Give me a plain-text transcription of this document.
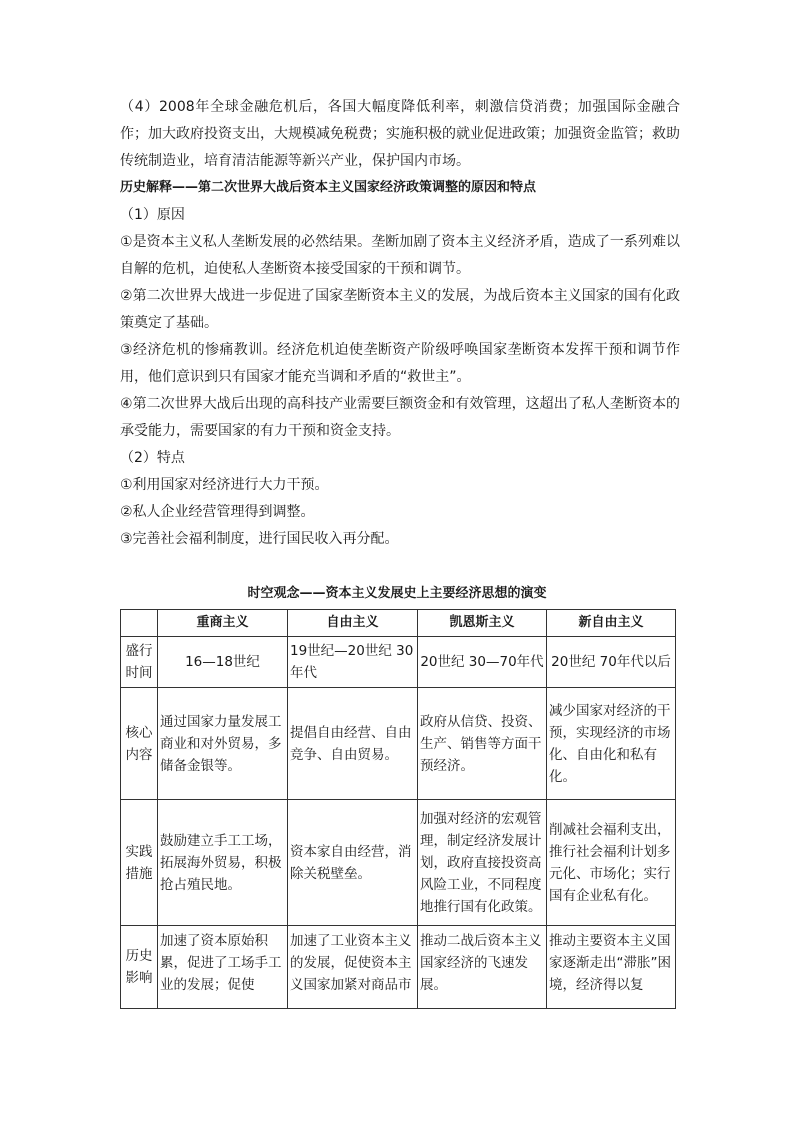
（4）2008年全球金融危机后，各国大幅度降低利率，刺激信贷消费；加强国际金融合作；加大政府投资支出，大规模减免税费；实施积极的就业促进政策；加强资金监管；救助传统制造业，培育清洁能源等新兴产业，保护国内市场。

历史解释——第二次世界大战后资本主义国家经济政策调整的原因和特点

（1）原因

①是资本主义私人垄断发展的必然结果。垄断加剧了资本主义经济矛盾，造成了一系列难以自解的危机，迫使私人垄断资本接受国家的干预和调节。

②第二次世界大战进一步促进了国家垄断资本主义的发展，为战后资本主义国家的国有化政策奠定了基础。

③经济危机的惨痛教训。经济危机迫使垄断资产阶级呼唤国家垄断资本发挥干预和调节作用，他们意识到只有国家才能充当调和矛盾的“救世主”。

④第二次世界大战后出现的高科技产业需要巨额资金和有效管理，这超出了私人垄断资本的承受能力，需要国家的有力干预和资金支持。

（2）特点

①利用国家对经济进行大力干预。

②私人企业经营管理得到调整。

③完善社会福利制度，进行国民收入再分配。

时空观念——资本主义发展史上主要经济思想的演变
	重商主义	自由主义	凯恩斯主义	新自由主义
盛行时间	16—18世纪	19世纪—20世纪 30年代	20世纪 30—70年代	20世纪 70年代以后
核心内容	通过国家力量发展工商业和对外贸易，多储备金银等。	提倡自由经营、自由竞争、自由贸易。	政府从信贷、投资、生产、销售等方面干预经济。	减少国家对经济的干预，实现经济的市场化、自由化和私有化。
实践措施	鼓励建立手工工场，拓展海外贸易，积极抢占殖民地。	资本家自由经营，消除关税壁垒。	加强对经济的宏观管理，制定经济发展计划，政府直接投资高风险工业，不同程度地推行国有化政策。	削减社会福利支出，推行社会福利计划多元化、市场化；实行国有企业私有化。
历史影响	加速了资本原始积累，促进了工场手工业的发展；促使	加速了工业资本主义的发展，促使资本主义国家加紧对商品市	推动二战后资本主义国家经济的飞速发展。	推动主要资本主义国家逐渐走出“滞胀”困境，经济得以复
